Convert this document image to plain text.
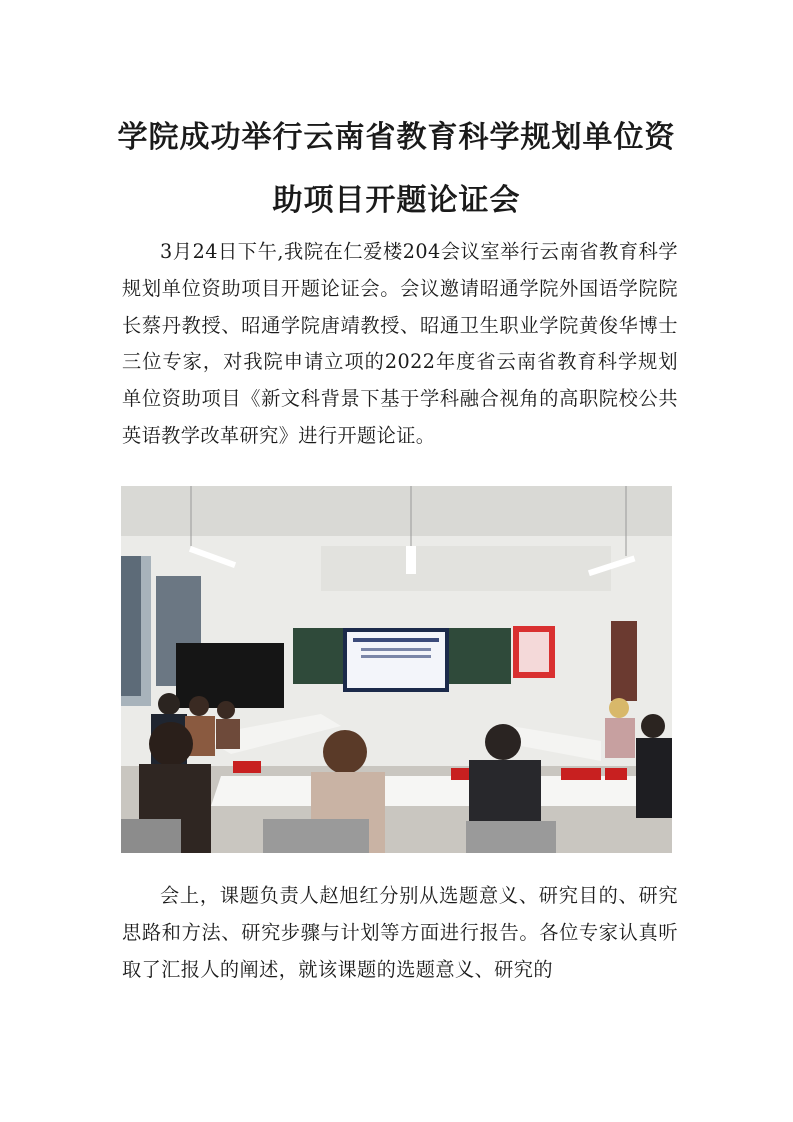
学院成功举行云南省教育科学规划单位资
助项目开题论证会

3月24日下午,我院在仁爱楼204会议室举行云南省教育科学规划单位资助项目开题论证会。会议邀请昭通学院外国语学院院长蔡丹教授、昭通学院唐靖教授、昭通卫生职业学院黄俊华博士三位专家，对我院申请立项的2022年度省云南省教育科学规划单位资助项目《新文科背景下基于学科融合视角的高职院校公共英语教学改革研究》进行开题论证。

会上，课题负责人赵旭红分别从选题意义、研究目的、研究思路和方法、研究步骤与计划等方面进行报告。各位专家认真听取了汇报人的阐述，就该课题的选题意义、研究的
